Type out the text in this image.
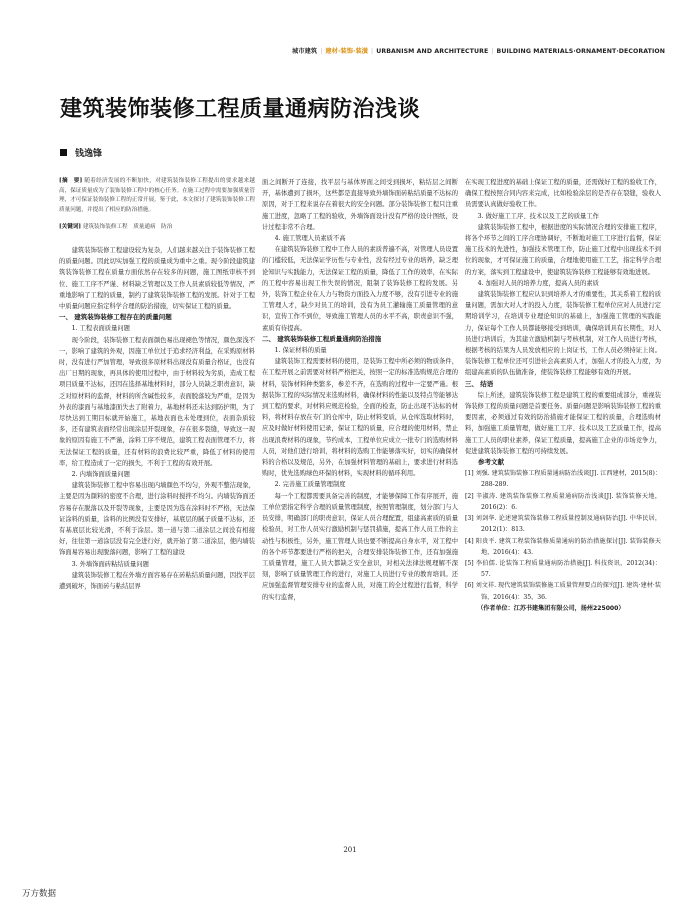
城市建筑 | 建材·装饰·装潢 | URBANISM AND ARCHITECTURE | BUILDING MATERIALS·ORNAMENT·DECORATION
建筑装饰装修工程质量通病防治浅谈
钱逸锋

[摘　要] 随着经济发展的不断加快，对建筑装饰装修工程提出的要求越来越高，保证质量成为了装饰装修工程中的核心任务。在施工过程中需要加强质量管理，才可保证装饰装修工程的正常开展。鉴于此，本文探讨了建筑装饰装修工程质量问题，并提出了相应的防治措施。

[关键词] 建筑装饰装修工程　质量通病　防治

建筑装饰装修工程建设较为复杂，人们越来越关注于装饰装修工程的质量问题。因此切实加强工程的质量成为重中之重。现今阶段建筑建筑装饰装修工程在质量方面依然存在较多的问题，施工图纸审核不到位、施工工序不严谨、材料缺乏管理以及工作人员素质较低等情况，严重地影响了工程的质量，制约了建筑装饰装修工程的发展。针对于工程中质量问题应指定科学合理的防治措施，切实保证工程的质量。

一、 建筑装饰装修工程存在的质量问题
1. 工程表面质量问题

现今阶段，装饰装修工程表面颜色易出现褪色等情况，颜色深浅不一，影响了建筑的外观，因施工单位过于追求经济利益，在采购原材料时，没有进行严加管理，导致很多原材料出现没有质量合格证，也没有出厂日期的现象，再具体的使用过程中，由于材料较为劣质，造成工程项目质量不达标，还因在选择基地材料时，部分人员缺乏职责意识，缺乏对原材料的监督，材料的所含碱性较多，表面脱落较为严重，是因为外表的漆面与基地漆面失去了附着力，基地材料还未达到防护期，为了尽快达到工期目标就开始施工，基地表面也未处理到位，表面杂质较多，还有建筑表面经常出现涂层开裂现象，存在很多裂缝，导致这一现象的原因有施工不严谨，涂料工序不规范，建筑工程表面管理不力，将无法保证工程的质量，还有材料的浪费比较严重，降低了材料的使用率，给工程造成了一定的损失，不利于工程的有效开展。

2. 内墙饰面质量问题

建筑装饰装修工程中容易出现内墙颜色不均匀，外观不整洁现象，主要是因为颜料的密度不合理，进行涂料时搅拌不均匀。内墙装饰面还容易存在脱落以及开裂等现象，主要是因为选在涂料时不严格，无法保证涂料的质量，涂料的比例没有安排好，基底层的腻子质量不达标，还有基底层比较光滑，不利于涂层。第一道与第二道涂层之间没有相接好，往往第一道涂层没有完全进行好，就开始了第二道涂层，使内墙装饰面易容易出现脱落问题，影响了工程的建设

3. 外墙饰面砖粘结质量问题

建筑装饰装修工程在外墙方面容易存在砖粘结质量问题，因找平层遭到破坏，饰面砖与粘结层界

面之间断开了连接，找平层与基体界面之间受到损坏，粘结层之间断开，基体遭到了损坏，这些都是直接导致外墙饰面砖粘结质量不达标的原因，对于工程来说存在着很大的安全问题。部分装饰装修工程只注重施工进度，忽略了工程的验收，外墙饰面设计没有严格的设计图纸，设计过程非常不合理。

4. 施工管理人员素质不高

在建筑装饰装修工程中工作人员的素质普遍不高，对管理人员设置的门槛较低，无法保证学历性与专业性，没有经过专业的培养，缺乏理论知识与实践能力，无法保证工程的质量，降低了工作的效率，在实际的工程中容易出现工作失误的情况，阻制了装饰装修工程的发展。另外，装饰工程企业在人力与物资方面投入力度不够，没有引进专业的施工管理人才，缺少对员工的培训，没有为员工灌输施工质量管理的意识，宣传工作不到位，导致施工管理人员的水平不高，职责意识不强，素质有待提高。

二、 建筑装饰装修工程质量通病防治措施
1. 保证材料的质量

建筑装饰工程需要材料的使用，是装饰工程中所必须的物质条件，在工程开展之前需要对材料严格把关，按照一定的标准选购规范合理的材料，装饰材料种类繁多，参差不齐，在选购的过程中一定要严谨。根据装饰工程的实际情况来选购材料，确保材料的性能以及特点等能够达到工程的要求，对材料应规范检验，全面的检查，防止出现不达标的材料，将材料存放在专门的仓库中，防止材料变质，从仓库选取材料时，应及时做好材料使用记录，保证工程的质量，应合理的使用材料，禁止出现浪费材料的现象，节约成本，工程单位应成立一批专门的选购材料人员，对他们进行培训，将材料的选购工作能够落实好，切实的确保材料的合格以及规范，另外，在加强材料管理的基础上，要求进行材料选购时，优先选购绿色环保的材料，实现材料的循环利用。

2. 完善施工质量管理制度

每一个工程都需要具备完善的制度，才能够保障工作有序展开，施工单位需指定科学合理的质量管理制度，按照管理制度，划分部门与人员安排，明确部门的职责意识，保证人员合理配置，组建高素质的质量检验员，对工作人员实行激励机制与惩罚措施，提高工作人员工作的主动性与积极性，另外，施工管理人员也要不断提高自身水平，对工程中的各个环节都要进行严格的把关，合理安排装饰装修工作，还有加强施工质量管理，施工人员大都缺乏安全意识，对相关法律法规理解不深刻，影响了质量管理工作的进行，对施工人员进行专业的教育培训。还应加强监督管理安排专业的监督人员，对施工的全过程进行监督，科学的实行监督，

在实现工程进度的基础上保证工程的质量，还需做好工程的验收工作，确保工程按照合同内容来完成，比如检验涂层的是否存在裂缝，验收人员需要认真做好验收工作。

3. 做好施工工序、技术以及工艺的质量工作

建筑装饰装修工程中，根据进度的实际情况合理的安排施工程序，将各个环节之间的工序合理协调好，不断地对施工工序进行监督，保证施工技术的先进性，加强技术管理工作，防止施工过程中出现技术不到位的现象，才可保证施工的质量，合理地使用施工工艺，指定科学合理的方案，落实到工程建设中，使建筑装饰装修工程能够有效地进展。

4. 加强对人员的培养力度，提高人员的素质

建筑装饰装修工程应认识到培养人才的重要性，其关系着工程的质量问题，需加大对人才的投入力度，装饰装修工程单位应对人员进行定期培训学习，在培训专业理论知识的基础上，加强施工管理的实践能力，保证每个工作人员都能够接受到培训，确保培训具有长期性，对人员进行培训后，为其建立激励机制与考核机制，对工作人员进行考核，根据考核的结果为人员发放相应的上岗证书，工作人员必须持证上岗。装饰装修工程单位还可引进社会高素质人才，加强人才的投入力度，为组建高素质的队伍做准备，使装饰装修工程能够有效的开展。

三、 结语

综上所述，建筑装饰装修工程是建筑工程的重要组成部分，重视装饰装修工程的质量问题是首要任务。质量问题是影响装饰装修工程的重要因素，必须通过有效的防治措施才能保证工程的质量，合理选购材料，加强施工质量管理，做好施工工序、技术以及工艺质量工作，提高施工工人员的职业素养，保证工程质量，提高施工企业的市场竞争力，促进建筑装饰装修工程的可持续发展。

参考文献

[1] 刘强. 建筑装饰装修工程质量通病防治浅谈[J]. 江西建材，2015(8)：288-289.

[2] 辛淑涛. 建筑装饰装修工程质量通病防治浅谈[J]. 装饰装修天地，2016(2)：6.

[3] 刘剑华. 论述建筑装饰装修工程质量控制及通病防治[J]. 中华民居，2012(1)：813.

[4] 阳贵平. 建筑工程装饰装修质量通病的防治措施探讨[J]. 装饰装修天地，2016(4)：43.

[5] 李伯儒. 论装饰工程质量通病防治措施[J]. 科技资讯，2012(34)：57.

[6] 刘文祥. 现代建筑装饰装修施工质量管理要点的探究[J]. 建筑·建材·装饰，2016(4)：35，36.

（作者单位：江苏书建集团有限公司，扬州225000）

201
万方数据
